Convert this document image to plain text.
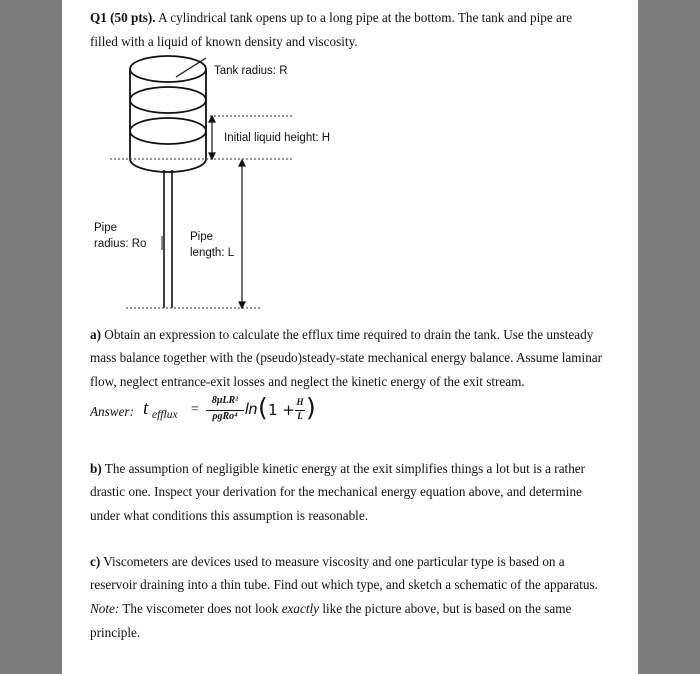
Q1 (50 pts). A cylindrical tank opens up to a long pipe at the bottom. The tank and pipe are
filled with a liquid of known density and viscosity.
Tank radius: R
Initial liquid height: H
Pipe
radius: Ro
Pipe
length: L
a) Obtain an expression to calculate the efflux time required to drain the tank. Use the unsteady
mass balance together with the (pseudo)steady-state mechanical energy balance. Assume laminar
flow, neglect entrance-exit losses and neglect the kinetic energy of the exit stream.
Answer: t efflux =
8μLR²
ρgRo⁴ ln ( 1 + H
L )
b) The assumption of negligible kinetic energy at the exit simplifies things a lot but is a rather
drastic one. Inspect your derivation for the mechanical energy equation above, and determine
under what conditions this assumption is reasonable.
c) Viscometers are devices used to measure viscosity and one particular type is based on a
reservoir draining into a thin tube. Find out which type, and sketch a schematic of the apparatus.
Note: The viscometer does not look exactly like the picture above, but is based on the same
principle.
